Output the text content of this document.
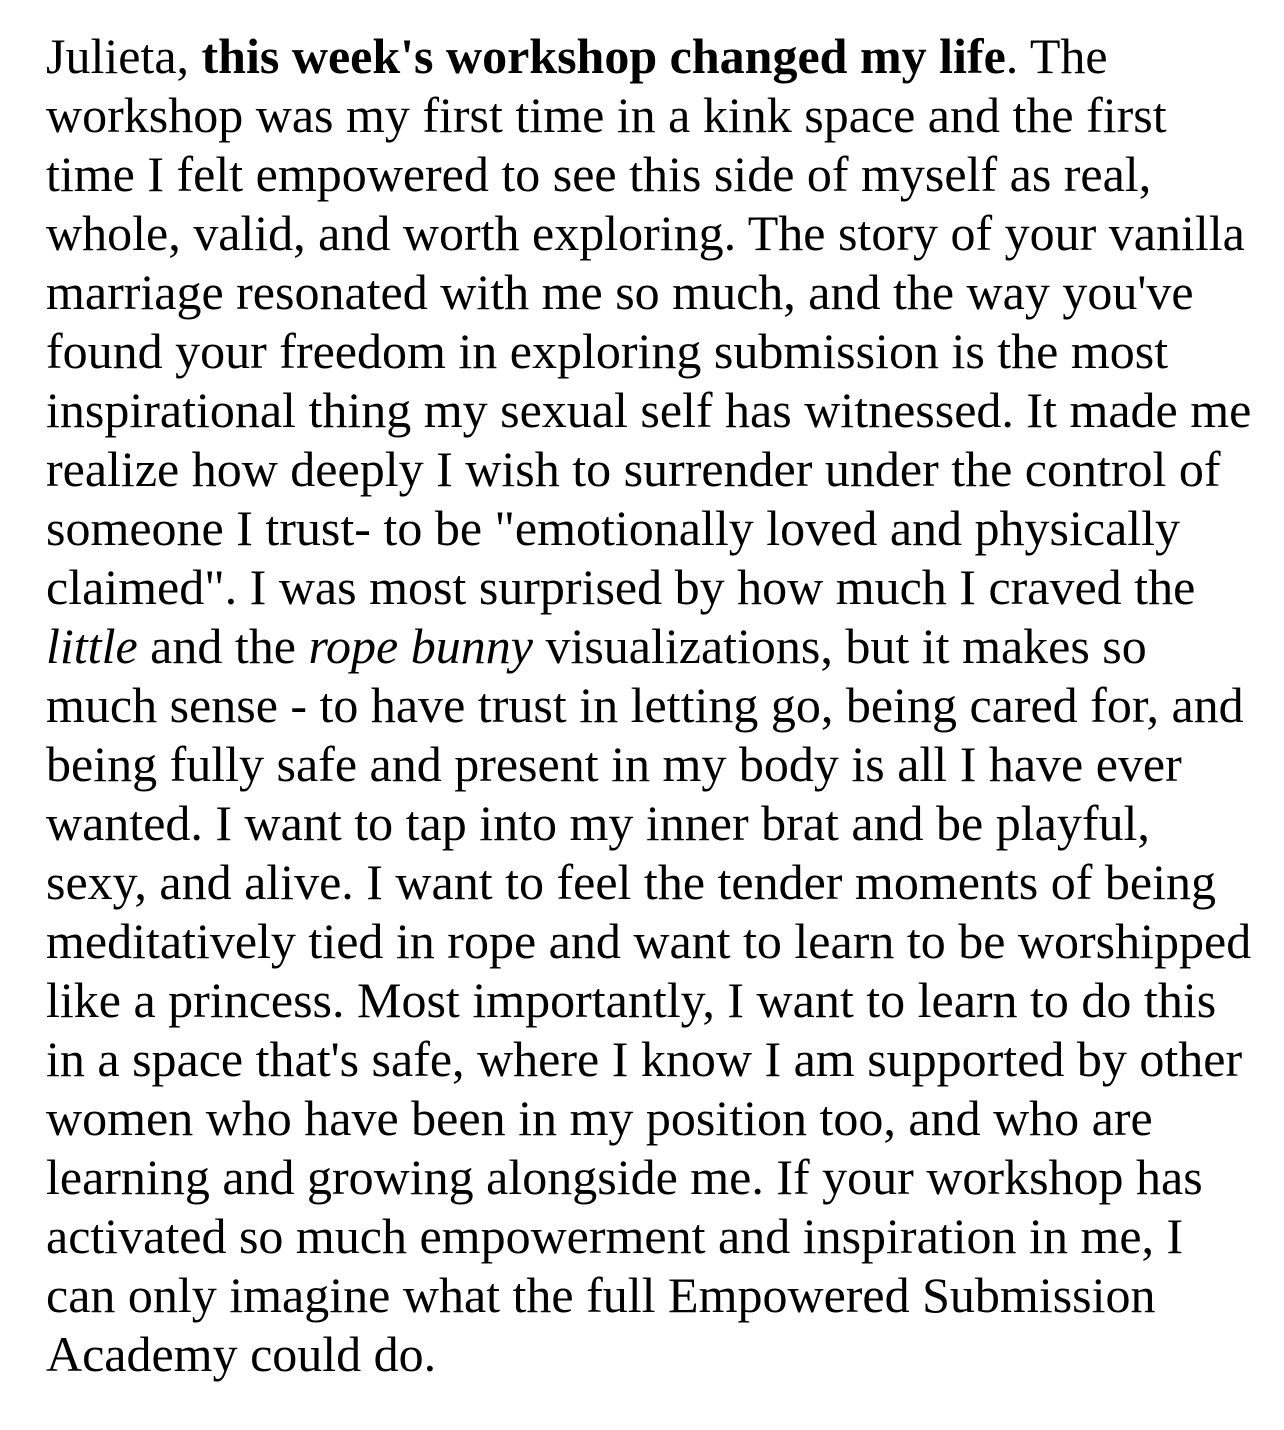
Julieta, this week's workshop changed my life. The
workshop was my first time in a kink space and the first
time I felt empowered to see this side of myself as real,
whole, valid, and worth exploring. The story of your vanilla
marriage resonated with me so much, and the way you've
found your freedom in exploring submission is the most
inspirational thing my sexual self has witnessed. It made me
realize how deeply I wish to surrender under the control of
someone I trust- to be "emotionally loved and physically
claimed". I was most surprised by how much I craved the
little and the rope bunny visualizations, but it makes so
much sense - to have trust in letting go, being cared for, and
being fully safe and present in my body is all I have ever
wanted. I want to tap into my inner brat and be playful,
sexy, and alive. I want to feel the tender moments of being
meditatively tied in rope and want to learn to be worshipped
like a princess. Most importantly, I want to learn to do this
in a space that's safe, where I know I am supported by other
women who have been in my position too, and who are
learning and growing alongside me. If your workshop has
activated so much empowerment and inspiration in me, I
can only imagine what the full Empowered Submission
Academy could do.
